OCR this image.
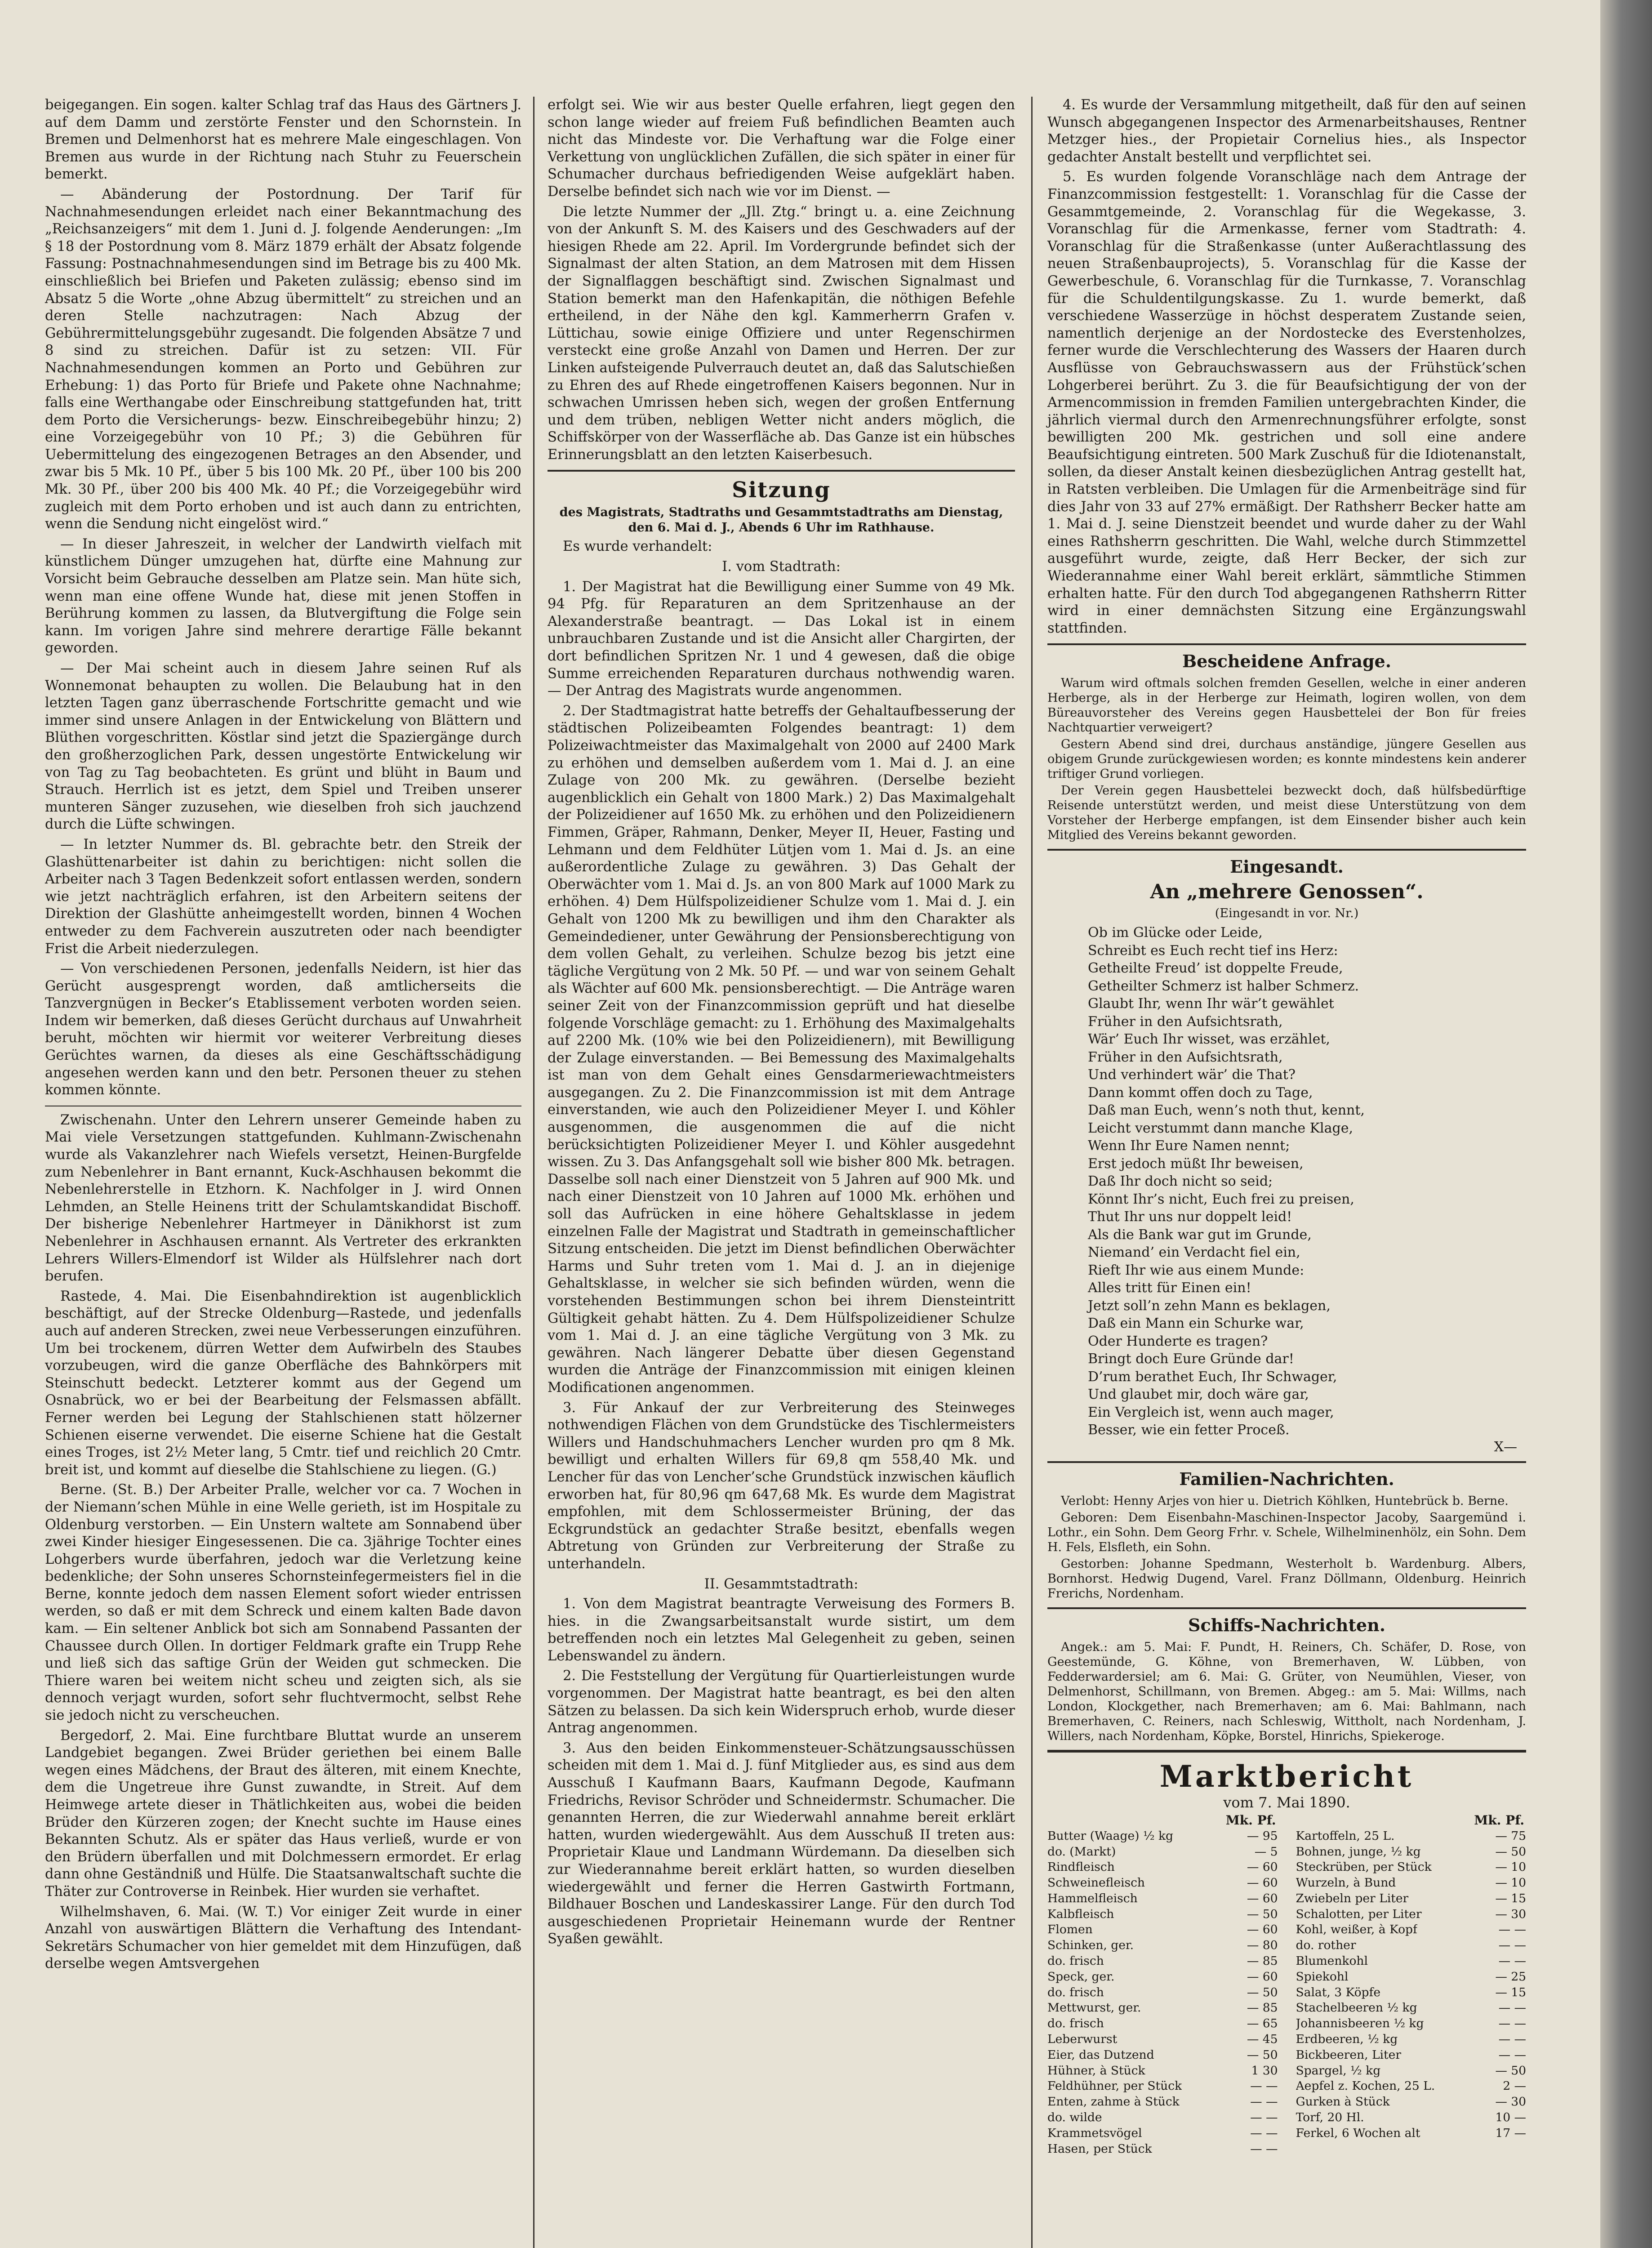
beigegangen. Ein sogen. kalter Schlag traf das Haus des Gärtners J. auf dem Damm und zerstörte Fenster und den Schornstein. In Bremen und Delmenhorst hat es mehrere Male eingeschlagen. Von Bremen aus wurde in der Richtung nach Stuhr zu Feuerschein bemerkt.

— Abänderung der Postordnung. Der Tarif für Nachnahmesendungen erleidet nach einer Bekanntmachung des „Reichsanzeigers“ mit dem 1. Juni d. J. folgende Aenderungen: „Im § 18 der Postordnung vom 8. März 1879 erhält der Absatz folgende Fassung: Postnachnahmesendungen sind im Betrage bis zu 400 Mk. einschließlich bei Briefen und Paketen zulässig; ebenso sind im Absatz 5 die Worte „ohne Abzug übermittelt“ zu streichen und an deren Stelle nachzutragen: Nach Abzug der Gebührermittelungsgebühr zugesandt. Die folgenden Absätze 7 und 8 sind zu streichen. Dafür ist zu setzen: VII. Für Nachnahmesendungen kommen an Porto und Gebühren zur Erhebung: 1) das Porto für Briefe und Pakete ohne Nachnahme; falls eine Werthangabe oder Einschreibung stattgefunden hat, tritt dem Porto die Versicherungs- bezw. Einschreibegebühr hinzu; 2) eine Vorzeigegebühr von 10 Pf.; 3) die Gebühren für Uebermittelung des eingezogenen Betrages an den Absender, und zwar bis 5 Mk. 10 Pf., über 5 bis 100 Mk. 20 Pf., über 100 bis 200 Mk. 30 Pf., über 200 bis 400 Mk. 40 Pf.; die Vorzeigegebühr wird zugleich mit dem Porto erhoben und ist auch dann zu entrichten, wenn die Sendung nicht eingelöst wird.“

— In dieser Jahreszeit, in welcher der Landwirth vielfach mit künstlichem Dünger umzugehen hat, dürfte eine Mahnung zur Vorsicht beim Gebrauche desselben am Platze sein. Man hüte sich, wenn man eine offene Wunde hat, diese mit jenen Stoffen in Berührung kommen zu lassen, da Blutvergiftung die Folge sein kann. Im vorigen Jahre sind mehrere derartige Fälle bekannt geworden.

— Der Mai scheint auch in diesem Jahre seinen Ruf als Wonnemonat behaupten zu wollen. Die Belaubung hat in den letzten Tagen ganz überraschende Fortschritte gemacht und wie immer sind unsere Anlagen in der Entwickelung von Blättern und Blüthen vorgeschritten. Köstlar sind jetzt die Spaziergänge durch den großherzoglichen Park, dessen ungestörte Entwickelung wir von Tag zu Tag beobachteten. Es grünt und blüht in Baum und Strauch. Herrlich ist es jetzt, dem Spiel und Treiben unserer munteren Sänger zuzusehen, wie dieselben froh sich jauchzend durch die Lüfte schwingen.

— In letzter Nummer ds. Bl. gebrachte betr. den Streik der Glashüttenarbeiter ist dahin zu berichtigen: nicht sollen die Arbeiter nach 3 Tagen Bedenkzeit sofort entlassen werden, sondern wie jetzt nachträglich erfahren, ist den Arbeitern seitens der Direktion der Glashütte anheimgestellt worden, binnen 4 Wochen entweder zu dem Fachverein auszutreten oder nach beendigter Frist die Arbeit niederzulegen.

— Von verschiedenen Personen, jedenfalls Neidern, ist hier das Gerücht ausgesprengt worden, daß amtlicherseits die Tanzvergnügen in Becker’s Etablissement verboten worden seien. Indem wir bemerken, daß dieses Gerücht durchaus auf Unwahrheit beruht, möchten wir hiermit vor weiterer Verbreitung dieses Gerüchtes warnen, da dieses als eine Geschäftsschädigung angesehen werden kann und den betr. Personen theuer zu stehen kommen könnte.

Zwischenahn. Unter den Lehrern unserer Gemeinde haben zu Mai viele Versetzungen stattgefunden. Kuhlmann-Zwischenahn wurde als Vakanzlehrer nach Wiefels versetzt, Heinen-Burgfelde zum Nebenlehrer in Bant ernannt, Kuck-Aschhausen bekommt die Nebenlehrerstelle in Etzhorn. K. Nachfolger in J. wird Onnen Lehmden, an Stelle Heinens tritt der Schulamtskandidat Bischoff. Der bisherige Nebenlehrer Hartmeyer in Dänikhorst ist zum Nebenlehrer in Aschhausen ernannt. Als Vertreter des erkrankten Lehrers Willers-Elmendorf ist Wilder als Hülfslehrer nach dort berufen.

Rastede, 4. Mai. Die Eisenbahndirektion ist augenblicklich beschäftigt, auf der Strecke Oldenburg—Rastede, und jedenfalls auch auf anderen Strecken, zwei neue Verbesserungen einzuführen. Um bei trockenem, dürren Wetter dem Aufwirbeln des Staubes vorzubeugen, wird die ganze Oberfläche des Bahnkörpers mit Steinschutt bedeckt. Letzterer kommt aus der Gegend um Osnabrück, wo er bei der Bearbeitung der Felsmassen abfällt. Ferner werden bei Legung der Stahlschienen statt hölzerner Schienen eiserne verwendet. Die eiserne Schiene hat die Gestalt eines Troges, ist 2½ Meter lang, 5 Cmtr. tief und reichlich 20 Cmtr. breit ist, und kommt auf dieselbe die Stahlschiene zu liegen. (G.)

Berne. (St. B.) Der Arbeiter Pralle, welcher vor ca. 7 Wochen in der Niemann’schen Mühle in eine Welle gerieth, ist im Hospitale zu Oldenburg verstorben. — Ein Unstern waltete am Sonnabend über zwei Kinder hiesiger Eingesessenen. Die ca. 3jährige Tochter eines Lohgerbers wurde überfahren, jedoch war die Verletzung keine bedenkliche; der Sohn unseres Schornsteinfegermeisters fiel in die Berne, konnte jedoch dem nassen Element sofort wieder entrissen werden, so daß er mit dem Schreck und einem kalten Bade davon kam. — Ein seltener Anblick bot sich am Sonnabend Passanten der Chaussee durch Ollen. In dortiger Feldmark grafte ein Trupp Rehe und ließ sich das saftige Grün der Weiden gut schmecken. Die Thiere waren bei weitem nicht scheu und zeigten sich, als sie dennoch verjagt wurden, sofort sehr fluchtvermocht, selbst Rehe sie jedoch nicht zu verscheuchen.

Bergedorf, 2. Mai. Eine furchtbare Bluttat wurde an unserem Landgebiet begangen. Zwei Brüder geriethen bei einem Balle wegen eines Mädchens, der Braut des älteren, mit einem Knechte, dem die Ungetreue ihre Gunst zuwandte, in Streit. Auf dem Heimwege artete dieser in Thätlichkeiten aus, wobei die beiden Brüder den Kürzeren zogen; der Knecht suchte im Hause eines Bekannten Schutz. Als er später das Haus verließ, wurde er von den Brüdern überfallen und mit Dolchmessern ermordet. Er erlag dann ohne Geständniß und Hülfe. Die Staatsanwaltschaft suchte die Thäter zur Controverse in Reinbek. Hier wurden sie verhaftet.

Wilhelmshaven, 6. Mai. (W. T.) Vor einiger Zeit wurde in einer Anzahl von auswärtigen Blättern die Verhaftung des Intendant-Sekretärs Schumacher von hier gemeldet mit dem Hinzufügen, daß derselbe wegen Amtsvergehen

erfolgt sei. Wie wir aus bester Quelle erfahren, liegt gegen den schon lange wieder auf freiem Fuß befindlichen Beamten auch nicht das Mindeste vor. Die Verhaftung war die Folge einer Verkettung von unglücklichen Zufällen, die sich später in einer für Schumacher durchaus befriedigenden Weise aufgeklärt haben. Derselbe befindet sich nach wie vor im Dienst. —

Die letzte Nummer der „Jll. Ztg.“ bringt u. a. eine Zeichnung von der Ankunft S. M. des Kaisers und des Geschwaders auf der hiesigen Rhede am 22. April. Im Vordergrunde befindet sich der Signalmast der alten Station, an dem Matrosen mit dem Hissen der Signalflaggen beschäftigt sind. Zwischen Signalmast und Station bemerkt man den Hafenkapitän, die nöthigen Befehle ertheilend, in der Nähe den kgl. Kammerherrn Grafen v. Lüttichau, sowie einige Offiziere und unter Regenschirmen versteckt eine große Anzahl von Damen und Herren. Der zur Linken aufsteigende Pulverrauch deutet an, daß das Salutschießen zu Ehren des auf Rhede eingetroffenen Kaisers begonnen. Nur in schwachen Umrissen heben sich, wegen der großen Entfernung und dem trüben, nebligen Wetter nicht anders möglich, die Schiffskörper von der Wasserfläche ab. Das Ganze ist ein hübsches Erinnerungsblatt an den letzten Kaiserbesuch.

Sitzung
des Magistrats, Stadtraths und Gesammtstadtraths am Dienstag, den 6. Mai d. J., Abends 6 Uhr im Rathhause.

Es wurde verhandelt:

I. vom Stadtrath:

1. Der Magistrat hat die Bewilligung einer Summe von 49 Mk. 94 Pfg. für Reparaturen an dem Spritzenhause an der Alexanderstraße beantragt. — Das Lokal ist in einem unbrauchbaren Zustande und ist die Ansicht aller Chargirten, der dort befindlichen Spritzen Nr. 1 und 4 gewesen, daß die obige Summe erreichenden Reparaturen durchaus nothwendig waren. — Der Antrag des Magistrats wurde angenommen.

2. Der Stadtmagistrat hatte betreffs der Gehaltaufbesserung der städtischen Polizeibeamten Folgendes beantragt: 1) dem Polizeiwachtmeister das Maximalgehalt von 2000 auf 2400 Mark zu erhöhen und demselben außerdem vom 1. Mai d. J. an eine Zulage von 200 Mk. zu gewähren. (Derselbe bezieht augenblicklich ein Gehalt von 1800 Mark.) 2) Das Maximalgehalt der Polizeidiener auf 1650 Mk. zu erhöhen und den Polizeidienern Fimmen, Gräper, Rahmann, Denker, Meyer II, Heuer, Fasting und Lehmann und dem Feldhüter Lütjen vom 1. Mai d. Js. an eine außerordentliche Zulage zu gewähren. 3) Das Gehalt der Oberwächter vom 1. Mai d. Js. an von 800 Mark auf 1000 Mark zu erhöhen. 4) Dem Hülfspolizeidiener Schulze vom 1. Mai d. J. ein Gehalt von 1200 Mk zu bewilligen und ihm den Charakter als Gemeindediener, unter Gewährung der Pensionsberechtigung von dem vollen Gehalt, zu verleihen. Schulze bezog bis jetzt eine tägliche Vergütung von 2 Mk. 50 Pf. — und war von seinem Gehalt als Wächter auf 600 Mk. pensionsberechtigt. — Die Anträge waren seiner Zeit von der Finanzcommission geprüft und hat dieselbe folgende Vorschläge gemacht: zu 1. Erhöhung des Maximalgehalts auf 2200 Mk. (10% wie bei den Polizeidienern), mit Bewilligung der Zulage einverstanden. — Bei Bemessung des Maximalgehalts ist man von dem Gehalt eines Gensdarmeriewachtmeisters ausgegangen. Zu 2. Die Finanzcommission ist mit dem Antrage einverstanden, wie auch den Polizeidiener Meyer I. und Köhler ausgenommen, die ausgenommen die auf die nicht berücksichtigten Polizeidiener Meyer I. und Köhler ausgedehnt wissen. Zu 3. Das Anfangsgehalt soll wie bisher 800 Mk. betragen. Dasselbe soll nach einer Dienstzeit von 5 Jahren auf 900 Mk. und nach einer Dienstzeit von 10 Jahren auf 1000 Mk. erhöhen und soll das Aufrücken in eine höhere Gehaltsklasse in jedem einzelnen Falle der Magistrat und Stadtrath in gemeinschaftlicher Sitzung entscheiden. Die jetzt im Dienst befindlichen Oberwächter Harms und Suhr treten vom 1. Mai d. J. an in diejenige Gehaltsklasse, in welcher sie sich befinden würden, wenn die vorstehenden Bestimmungen schon bei ihrem Diensteintritt Gültigkeit gehabt hätten. Zu 4. Dem Hülfspolizeidiener Schulze vom 1. Mai d. J. an eine tägliche Vergütung von 3 Mk. zu gewähren. Nach längerer Debatte über diesen Gegenstand wurden die Anträge der Finanzcommission mit einigen kleinen Modificationen angenommen.

3. Für Ankauf der zur Verbreiterung des Steinweges nothwendigen Flächen von dem Grundstücke des Tischlermeisters Willers und Handschuhmachers Lencher wurden pro qm 8 Mk. bewilligt und erhalten Willers für 69,8 qm 558,40 Mk. und Lencher für das von Lencher’sche Grundstück inzwischen käuflich erworben hat, für 80,96 qm 647,68 Mk. Es wurde dem Magistrat empfohlen, mit dem Schlossermeister Brüning, der das Eckgrundstück an gedachter Straße besitzt, ebenfalls wegen Abtretung von Gründen zur Verbreiterung der Straße zu unterhandeln.

II. Gesammtstadtrath:

1. Von dem Magistrat beantragte Verweisung des Formers B. hies. in die Zwangsarbeitsanstalt wurde sistirt, um dem betreffenden noch ein letztes Mal Gelegenheit zu geben, seinen Lebenswandel zu ändern.

2. Die Feststellung der Vergütung für Quartierleistungen wurde vorgenommen. Der Magistrat hatte beantragt, es bei den alten Sätzen zu belassen. Da sich kein Widerspruch erhob, wurde dieser Antrag angenommen.

3. Aus den beiden Einkommensteuer-Schätzungsausschüssen scheiden mit dem 1. Mai d. J. fünf Mitglieder aus, es sind aus dem Ausschuß I Kaufmann Baars, Kaufmann Degode, Kaufmann Friedrichs, Revisor Schröder und Schneidermstr. Schumacher. Die genannten Herren, die zur Wiederwahl annahme bereit erklärt hatten, wurden wiedergewählt. Aus dem Ausschuß II treten aus: Proprietair Klaue und Landmann Würdemann. Da dieselben sich zur Wiederannahme bereit erklärt hatten, so wurden dieselben wiedergewählt und ferner die Herren Gastwirth Fortmann, Bildhauer Boschen und Landeskassirer Lange. Für den durch Tod ausgeschiedenen Proprietair Heinemann wurde der Rentner Syaßen gewählt.

4. Es wurde der Versammlung mitgetheilt, daß für den auf seinen Wunsch abgegangenen Inspector des Armenarbeitshauses, Rentner Metzger hies., der Propietair Cornelius hies., als Inspector gedachter Anstalt bestellt und verpflichtet sei.

5. Es wurden folgende Voranschläge nach dem Antrage der Finanzcommission festgestellt: 1. Voranschlag für die Casse der Gesammtgemeinde, 2. Voranschlag für die Wegekasse, 3. Voranschlag für die Armenkasse, ferner vom Stadtrath: 4. Voranschlag für die Straßenkasse (unter Außerachtlassung des neuen Straßenbauprojects), 5. Voranschlag für die Kasse der Gewerbeschule, 6. Voranschlag für die Turnkasse, 7. Voranschlag für die Schuldentilgungskasse. Zu 1. wurde bemerkt, daß verschiedene Wasserzüge in höchst desperatem Zustande seien, namentlich derjenige an der Nordostecke des Everstenholzes, ferner wurde die Verschlechterung des Wassers der Haaren durch Ausflüsse von Gebrauchswassern aus der Frühstück’schen Lohgerberei berührt. Zu 3. die für Beaufsichtigung der von der Armencommission in fremden Familien untergebrachten Kinder, die jährlich viermal durch den Armenrechnungsführer erfolgte, sonst bewilligten 200 Mk. gestrichen und soll eine andere Beaufsichtigung eintreten. 500 Mark Zuschuß für die Idiotenanstalt, sollen, da dieser Anstalt keinen diesbezüglichen Antrag gestellt hat, in Ratsten verbleiben. Die Umlagen für die Armenbeiträge sind für dies Jahr von 33 auf 27% ermäßigt. Der Rathsherr Becker hatte am 1. Mai d. J. seine Dienstzeit beendet und wurde daher zu der Wahl eines Rathsherrn geschritten. Die Wahl, welche durch Stimmzettel ausgeführt wurde, zeigte, daß Herr Becker, der sich zur Wiederannahme einer Wahl bereit erklärt, sämmtliche Stimmen erhalten hatte. Für den durch Tod abgegangenen Rathsherrn Ritter wird in einer demnächsten Sitzung eine Ergänzungswahl stattfinden.

Bescheidene Anfrage.

Warum wird oftmals solchen fremden Gesellen, welche in einer anderen Herberge, als in der Herberge zur Heimath, logiren wollen, von dem Büreauvorsteher des Vereins gegen Hausbettelei der Bon für freies Nachtquartier verweigert?

Gestern Abend sind drei, durchaus anständige, jüngere Gesellen aus obigem Grunde zurückgewiesen worden; es konnte mindestens kein anderer triftiger Grund vorliegen.

Der Verein gegen Hausbettelei bezweckt doch, daß hülfsbedürftige Reisende unterstützt werden, und meist diese Unterstützung von dem Vorsteher der Herberge empfangen, ist dem Einsender bisher auch kein Mitglied des Vereins bekannt geworden.

Eingesandt.
An „mehrere Genossen“.
(Eingesandt in vor. Nr.)
Ob im Glücke oder Leide,
Schreibt es Euch recht tief ins Herz:
Getheilte Freud’ ist doppelte Freude,
Getheilter Schmerz ist halber Schmerz.
Glaubt Ihr, wenn Ihr wär’t gewählet
Früher in den Aufsichtsrath,
Wär’ Euch Ihr wisset, was erzählet,
Früher in den Aufsichtsrath,
Und verhindert wär’ die That?
Dann kommt offen doch zu Tage,
Daß man Euch, wenn’s noth thut, kennt,
Leicht verstummt dann manche Klage,
Wenn Ihr Eure Namen nennt;
Erst jedoch müßt Ihr beweisen,
Daß Ihr doch nicht so seid;
Könnt Ihr’s nicht, Euch frei zu preisen,
Thut Ihr uns nur doppelt leid!
Als die Bank war gut im Grunde,
Niemand’ ein Verdacht fiel ein,
Rieft Ihr wie aus einem Munde:
Alles tritt für Einen ein!
Jetzt soll’n zehn Mann es beklagen,
Daß ein Mann ein Schurke war,
Oder Hunderte es tragen?
Bringt doch Eure Gründe dar!
D’rum berathet Euch, Ihr Schwager,
Und glaubet mir, doch wäre gar,
Ein Vergleich ist, wenn auch mager,
Besser, wie ein fetter Proceß.
X—
Familien-Nachrichten.

Verlobt: Henny Arjes von hier u. Dietrich Köhlken, Huntebrück b. Berne.

Geboren: Dem Eisenbahn-Maschinen-Inspector Jacoby, Saargemünd i. Lothr., ein Sohn. Dem Georg Frhr. v. Schele, Wilhelminenhölz, ein Sohn. Dem H. Fels, Elsfleth, ein Sohn.

Gestorben: Johanne Spedmann, Westerholt b. Wardenburg. Albers, Bornhorst. Hedwig Dugend, Varel. Franz Döllmann, Oldenburg. Heinrich Frerichs, Nordenham.

Schiffs-Nachrichten.

Angek.: am 5. Mai: F. Pundt, H. Reiners, Ch. Schäfer, D. Rose, von Geestemünde, G. Köhne, von Bremerhaven, W. Lübben, von Fedderwardersiel; am 6. Mai: G. Grüter, von Neumühlen, Vieser, von Delmenhorst, Schillmann, von Bremen. Abgeg.: am 5. Mai: Willms, nach London, Klockgether, nach Bremerhaven; am 6. Mai: Bahlmann, nach Bremerhaven, C. Reiners, nach Schleswig, Wittholt, nach Nordenham, J. Willers, nach Nordenham, Köpke, Borstel, Hinrichs, Spiekeroge.

Marktbericht
vom 7. Mai 1890.
Mk. Pf.
Butter (Waage) ½ kg	— 95
do. (Markt)	— 5
Rindfleisch	— 60
Schweinefleisch	— 60
Hammelfleisch	— 60
Kalbfleisch	— 50
Flomen	— 60
Schinken, ger.	— 80
do. frisch	— 85
Speck, ger.	— 60
do. frisch	— 50
Mettwurst, ger.	— 85
do. frisch	— 65
Leberwurst	— 45
Eier, das Dutzend	— 50
Hühner, à Stück	1 30
Feldhühner, per Stück	— —
Enten, zahme à Stück	— —
do. wilde	— —
Krammetsvögel	— —
Hasen, per Stück	— —
Mk. Pf.
Kartoffeln, 25 L.	— 75
Bohnen, junge, ½ kg	— 50
Steckrüben, per Stück	— 10
Wurzeln, à Bund	— 10
Zwiebeln per Liter	— 15
Schalotten, per Liter	— 30
Kohl, weißer, à Kopf	— —
do. rother	— —
Blumenkohl	— —
Spiekohl	— 25
Salat, 3 Köpfe	— 15
Stachelbeeren ½ kg	— —
Johannisbeeren ½ kg	— —
Erdbeeren, ½ kg	— —
Bickbeeren, Liter	— —
Spargel, ½ kg	— 50
Aepfel z. Kochen, 25 L.	2 —
Gurken à Stück	— 30
Torf, 20 Hl.	10 —
Ferkel, 6 Wochen alt	17 —
